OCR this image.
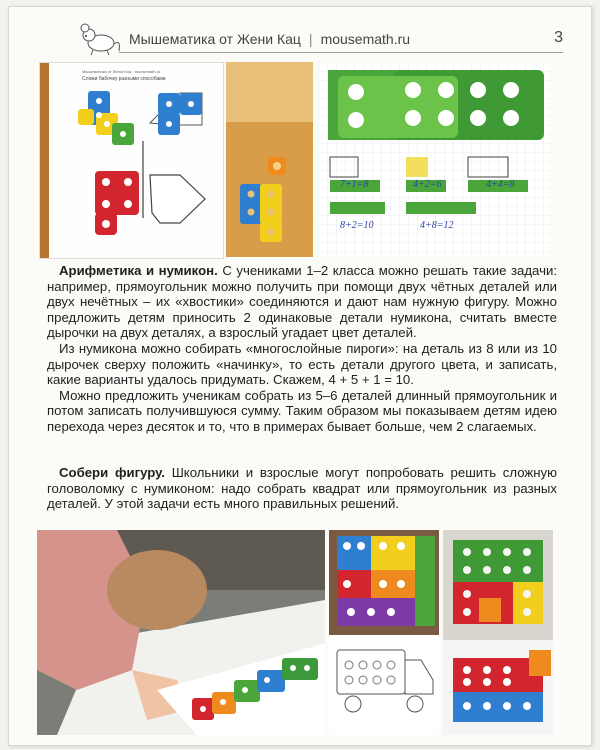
Мышематика от Жени Кац | mousemath.ru	3
Мышематика от Жени Кац · mousemath.ru
Сложи бабочку разными способами
7+1=8	4+2=6	4+4=8
8+2=10	4+8=12
Арифметика и нумикон. С учениками 1–2 класса можно решать такие задачи: например, прямоугольник можно получить при помощи двух чётных деталей или двух нечётных – их «хвостики» соединяются и дают нам нужную фигуру. Можно предложить детям приносить 2 одинаковые детали нумикона, считать вместе дырочки на двух деталях, а взрослый угадает цвет деталей.
Из нумикона можно собирать «многослойные пироги»: на деталь из 8 или из 10 дырочек сверху положить «начинку», то есть детали другого цвета, и записать, какие варианты удалось придумать. Скажем, 4 + 5 + 1 = 10.
Можно предложить ученикам собрать из 5–6 деталей длинный прямоугольник и потом записать получившуюся сумму. Таким образом мы показываем детям идею перехода через десяток и то, что в примерах бывает больше, чем 2 слагаемых.
Собери фигуру. Школьники и взрослые могут попробовать решить сложную головоломку с нумиконом: надо собрать квадрат или прямоугольник из разных деталей. У этой задачи есть много правильных решений.
